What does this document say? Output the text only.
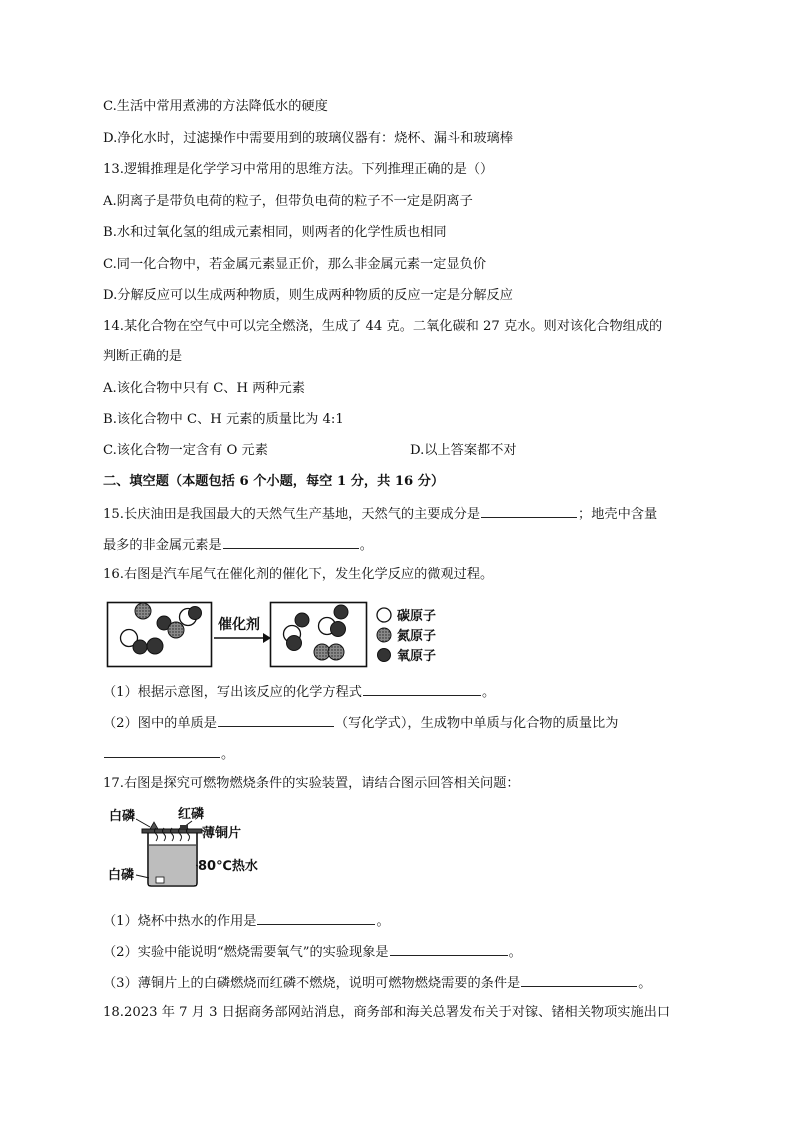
C.生活中常用煮沸的方法降低水的硬度
D.净化水时，过滤操作中需要用到的玻璃仪器有：烧杯、漏斗和玻璃棒
13.逻辑推理是化学学习中常用的思维方法。下列推理正确的是（）
A.阴离子是带负电荷的粒子，但带负电荷的粒子不一定是阴离子
B.水和过氧化氢的组成元素相同，则两者的化学性质也相同
C.同一化合物中，若金属元素显正价，那么非金属元素一定显负价
D.分解反应可以生成两种物质，则生成两种物质的反应一定是分解反应
14.某化合物在空气中可以完全燃浇，生成了 44 克。二氧化碳和 27 克水。则对该化合物组成的
判断正确的是
A.该化合物中只有 C、H 两种元素
B.该化合物中 C、H 元素的质量比为 4:1
C.该化合物一定含有 O 元素	D.以上答案都不对
二、填空题（本题包括 6 个小题，每空 1 分，共 16 分）
15.长庆油田是我国最大的天然气生产基地，天然气的主要成分是	；地壳中含量
最多的非金属元素是	。
16.右图是汽车尾气在催化剂的催化下，发生化学反应的微观过程。
催化剂
碳原子
氮原子
氧原子
（1）根据示意图，写出该反应的化学方程式	。
（2）图中的单质是	（写化学式），生成物中单质与化合物的质量比为
。
17.右图是探究可燃物燃烧条件的实验装置，请结合图示回答相关问题：
白磷	红磷
薄铜片
白磷
80℃热水
（1）烧杯中热水的作用是	。
（2）实验中能说明“燃烧需要氧气”的实验现象是	。
（3）薄铜片上的白磷燃烧而红磷不燃烧，说明可燃物燃烧需要的条件是	。
18.2023 年 7 月 3 日据商务部网站消息，商务部和海关总署发布关于对镓、锗相关物项实施出口
